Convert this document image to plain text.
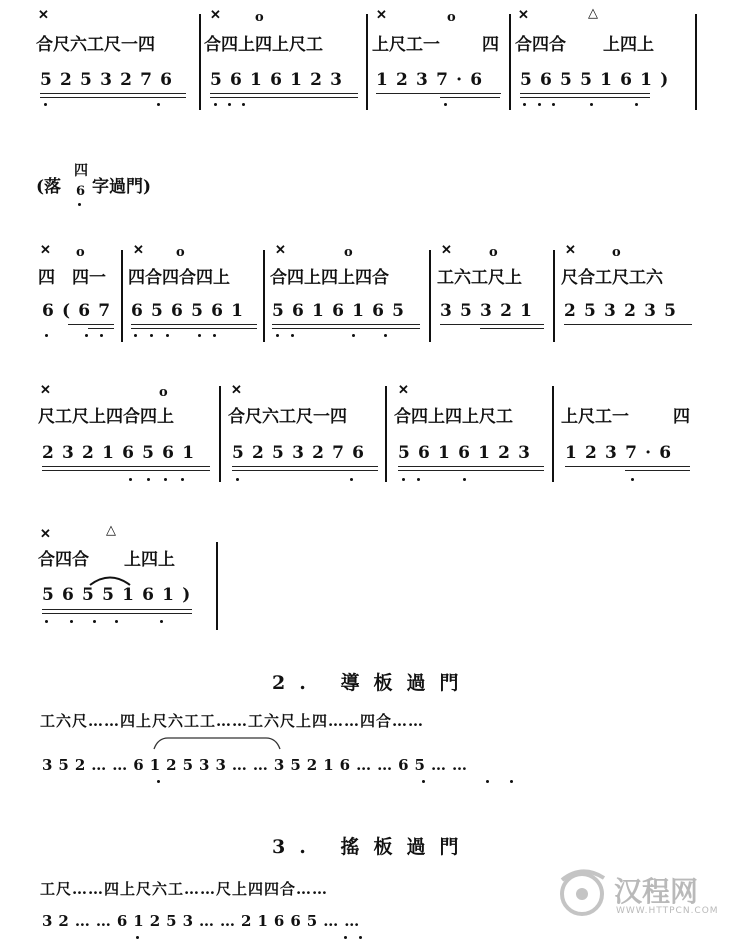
✕	✕	o	✕	o	✕	△
合尺六工尺一四	合四上四上尺工	上尺工一 四 合四合 上四上
5253276 5616123 1237·6 5655161)
(落
四
6 字過門)
✕ o	✕ o	✕	o	✕	o	✕	o
四 四一 四合四合四上 合四上四上四合	工六工尺上 尺合工尺工六
6(67 656561 5616165 35321 253235
✕	o	✕	✕
尺工尺上四合四上	合尺六工尺一四	合四上四上尺工	上尺工一	四
23216561 5253276 5616123 1237·6
✕	△
合四合 上四上
5655161)
2. 導板過門
工六尺……四上尺六工工……工六尺上四……四合……
352……612533……35216……65……
3. 搖板過門
工尺……四上尺六工……尺上四四合……
32……61253……21665……
汉程网
WWW.HTTPCN.COM
